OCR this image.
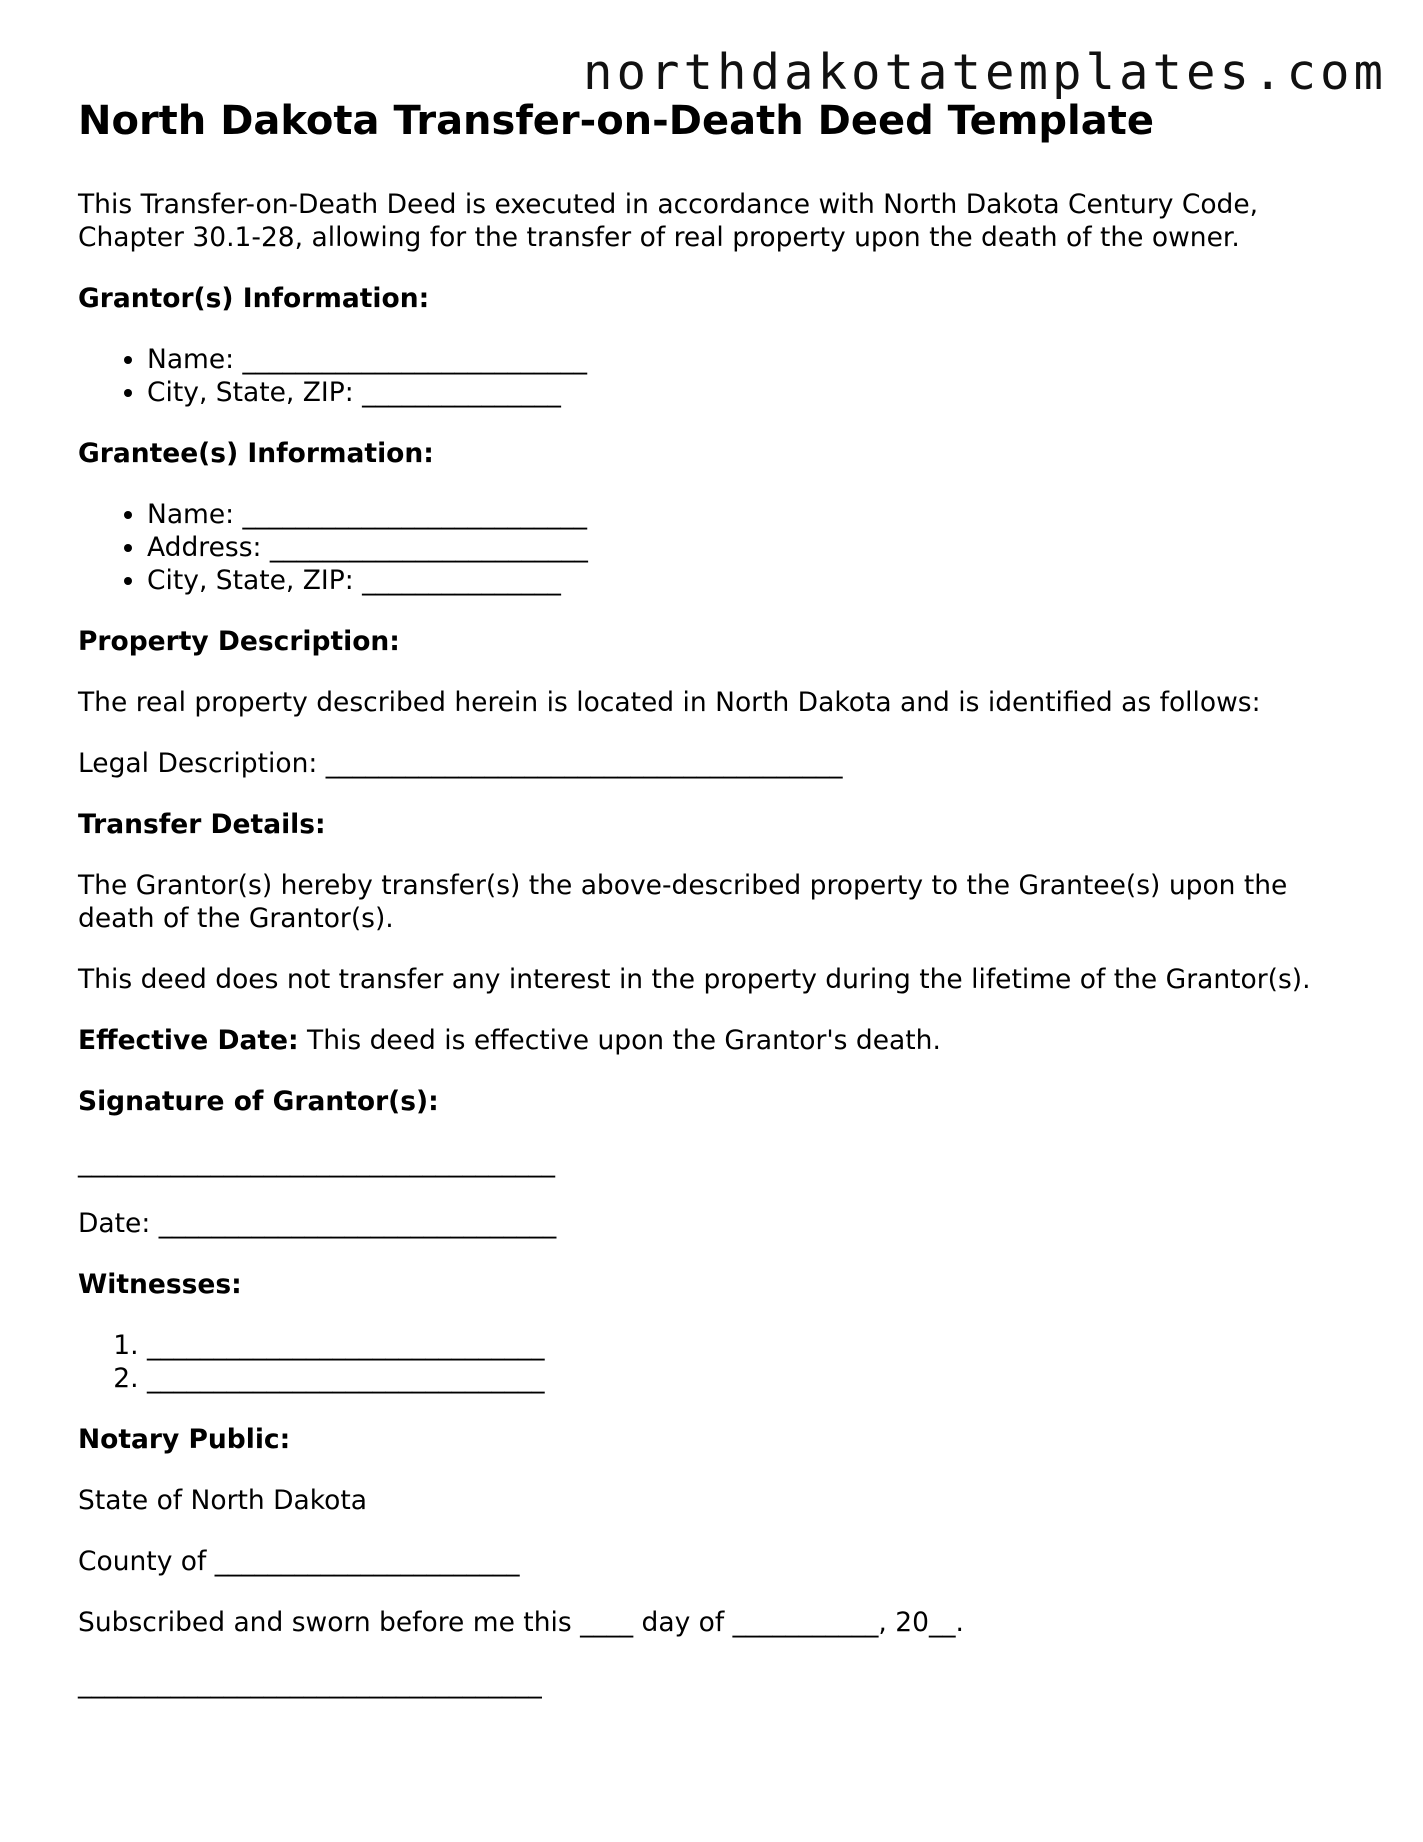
northdakotatemplates.com
North Dakota Transfer-on-Death Deed Template

This Transfer-on-Death Deed is executed in accordance with North Dakota Century Code, Chapter 30.1-28, allowing for the transfer of real property upon the death of the owner.

Grantor(s) Information:
• Name: __________________________
• City, State, ZIP: _______________
Grantee(s) Information:
• Name: __________________________
• Address: ________________________
• City, State, ZIP: _______________
Property Description:

The real property described herein is located in North Dakota and is identified as follows:

Legal Description: _______________________________________

Transfer Details:

The Grantor(s) hereby transfer(s) the above-described property to the Grantee(s) upon the death of the Grantor(s).

This deed does not transfer any interest in the property during the lifetime of the Grantor(s).

Effective Date: This deed is effective upon the Grantor's death.

Signature of Grantor(s):

____________________________________

Date: ______________________________

Witnesses:
1. ______________________________
2. ______________________________
Notary Public:

State of North Dakota

County of _______________________

Subscribed and sworn before me this ____ day of ___________, 20__.

___________________________________
